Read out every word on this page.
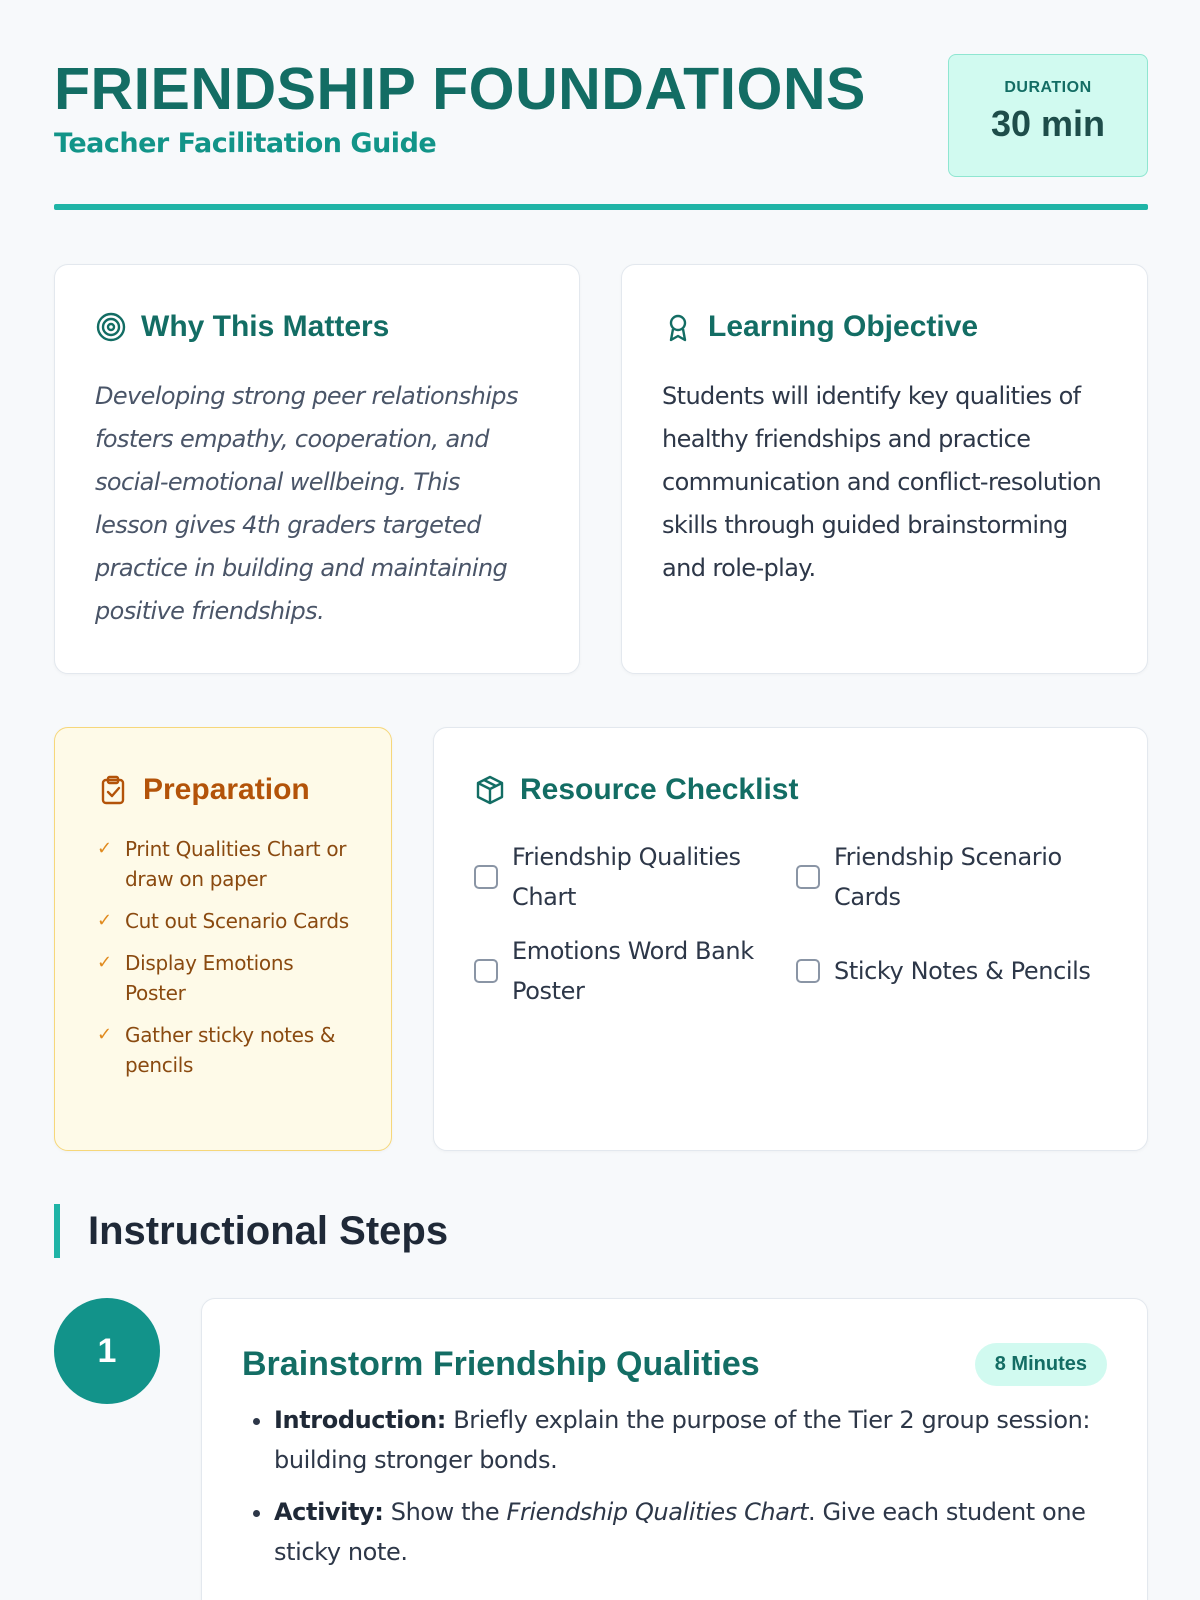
FRIENDSHIP FOUNDATIONS
Teacher Facilitation Guide
DURATION
30 min
Why This Matters

Developing strong peer relationships fosters empathy, cooperation, and social-emotional wellbeing. This lesson gives 4th graders targeted practice in building and maintaining positive friendships.

Learning Objective

Students will identify key qualities of healthy friendships and practice communication and conflict-resolution skills through guided brainstorming and role-play.

Preparation
✓ Print Qualities Chart or draw on paper
✓ Cut out Scenario Cards
✓ Display Emotions Poster
✓ Gather sticky notes & pencils
Resource Checklist
Friendship Qualities Chart
Friendship Scenario Cards
Emotions Word Bank Poster
Sticky Notes & Pencils
Instructional Steps
1	Brainstorm Friendship Qualities	8 Minutes
• Introduction: Briefly explain the purpose of the Tier 2 group session: building stronger bonds.
• Activity: Show the Friendship Qualities Chart. Give each student one sticky note.
